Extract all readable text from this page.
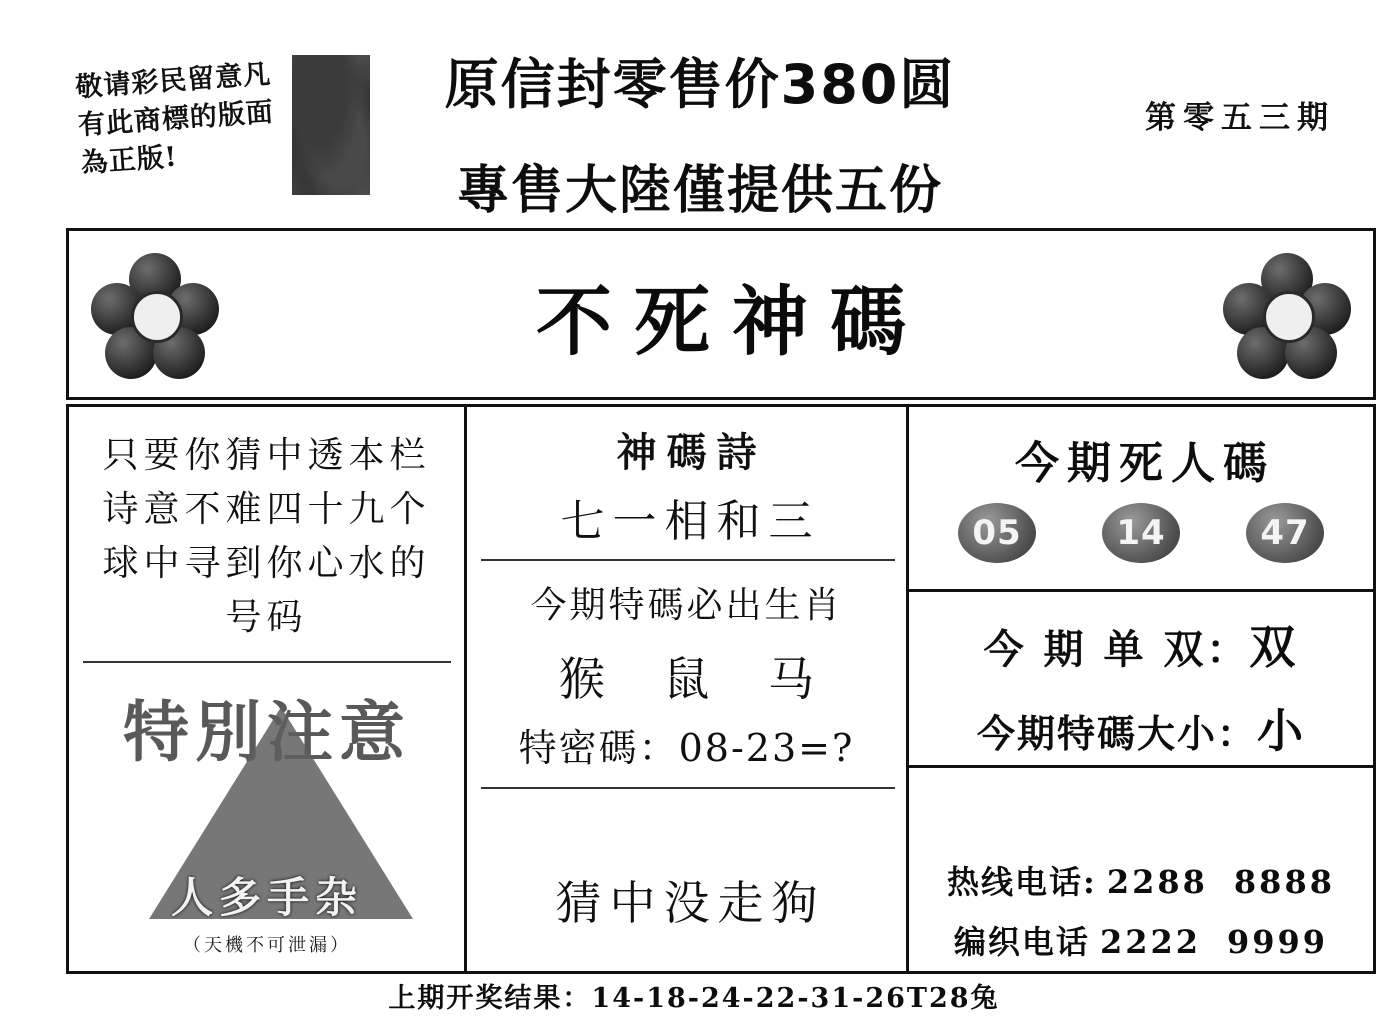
敬请彩民留意凡有此商標的版面為正版!
原信封零售价380圆
專售大陸僅提供五份
第零五三期
不死神碼
只要你猜中透本栏诗意不难四十九个球中寻到你心水的号码
特別注意
人多手杂
（天機不可泄漏）
神碼詩
七一相和三
今期特碼必出生肖
猴 鼠 马
特密碼：08-23=?
猜中没走狗
今期死人碼
05	14	47
今 期 单 双：双
今期特碼大小：小
热线电话: 2288 8888
编织电话 2222 9999
上期开奖结果：14-18-24-22-31-26T28兔
